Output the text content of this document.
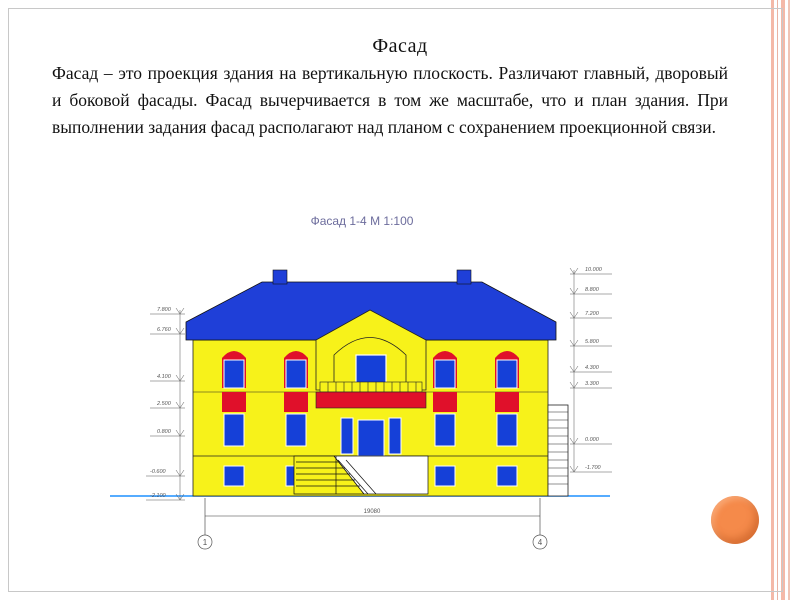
Фасад
Фасад – это проекция здания на вертикальную плоскость. Различают главный, дворовый и боковой фасады. Фасад вычерчивается в том же масштабе, что и план здания. При выполнении задания фасад располагают над планом с сохранением проекционной связи.
Фасад 1-4 М 1:100
19080
1	4
7.800
6.760
4.100
2.500
0.800
-0.600
-2.100
10.000
8.800
7.200
5.800
4.300
3.300
0.000
-1.700
